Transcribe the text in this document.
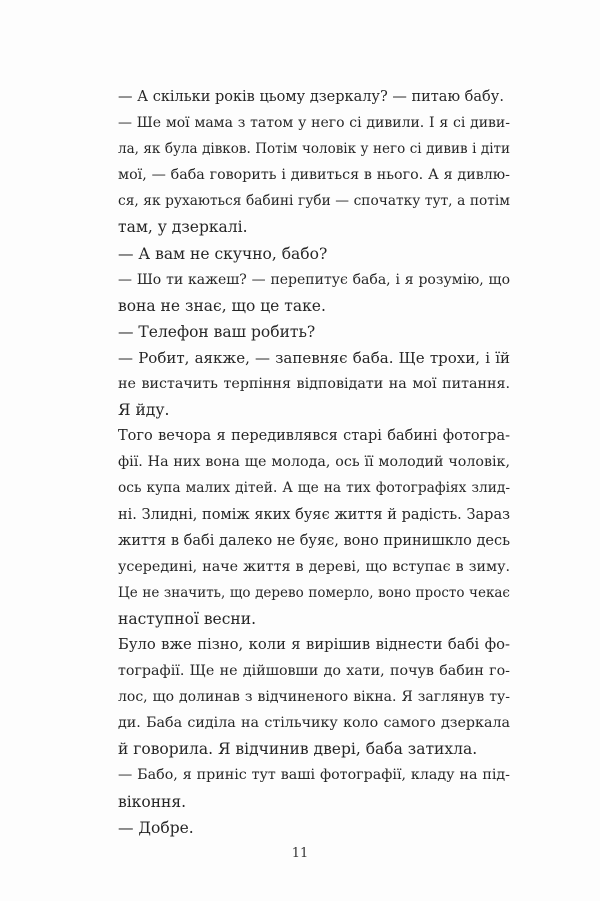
— А скільки років цьому дзеркалу? — питаю бабу.
— Ше мої мама з татом у него сі дивили. І я сі диви-
ла, як була дівков. Потім чоловік у него сі дивив і діти
мої, — баба говорить і дивиться в нього. А я дивлю-
ся, як рухаються бабині губи — спочатку тут, а потім
там, у дзеркалі.
— А вам не скучно, бабо?
— Шо ти кажеш? — перепитує баба, і я розумію, що
вона не знає, що це таке.
— Телефон ваш робить?
— Робит, аякже, — запевняє баба. Ще трохи, і їй
не вистачить терпіння відповідати на мої питання.
Я йду.
Того вечора я передивлявся старі бабині фотогра-
фії. На них вона ще молода, ось її молодий чоловік,
ось купа малих дітей. А ще на тих фотографіях злид-
ні. Злидні, поміж яких буяє життя й радість. Зараз
життя в бабі далеко не буяє, воно принишкло десь
усередині, наче життя в дереві, що вступає в зиму.
Це не значить, що дерево померло, воно просто чекає
наступної весни.
Було вже пізно, коли я вирішив віднести бабі фо-
тографії. Ще не дійшовши до хати, почув бабин го-
лос, що долинав з відчиненого вікна. Я заглянув ту-
ди. Баба сиділа на стільчику коло самого дзеркала
й говорила. Я відчинив двері, баба затихла.
— Бабо, я приніс тут ваші фотографії, кладу на під-
віконня.
— Добре.
11
